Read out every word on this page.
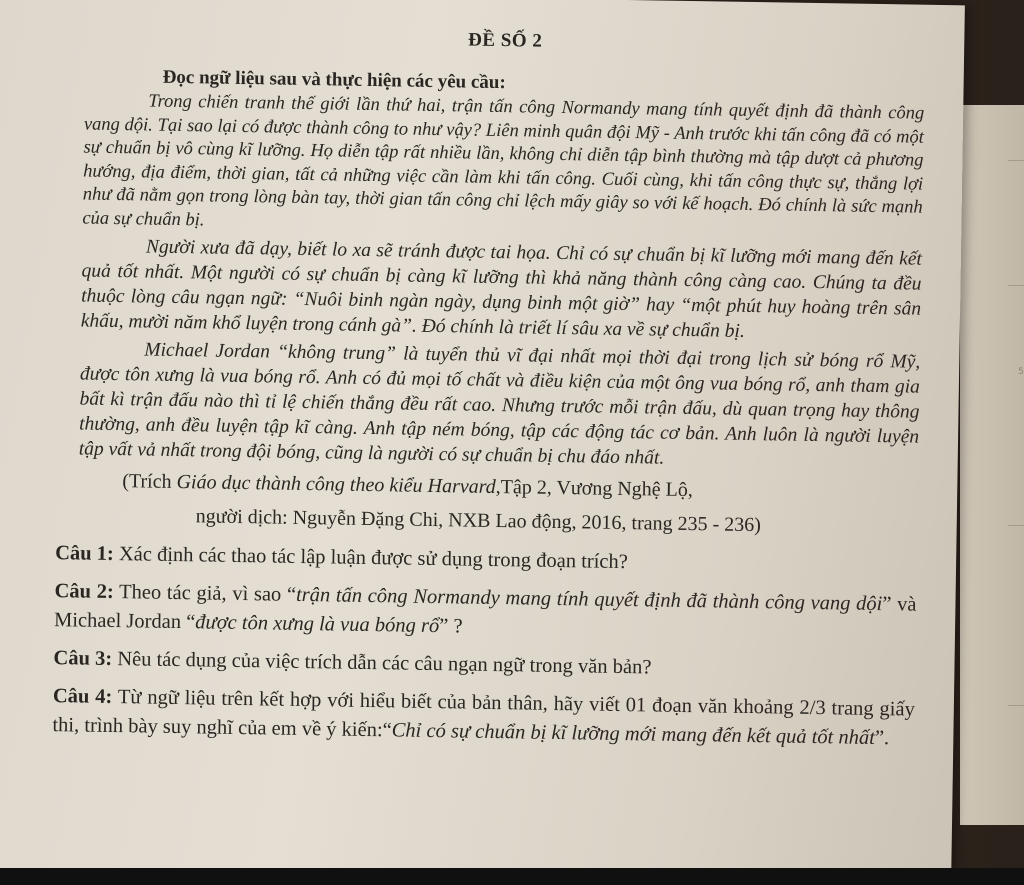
5
ĐỀ SỐ 2
Đọc ngữ liệu sau và thực hiện các yêu cầu:

Trong chiến tranh thế giới lần thứ hai, trận tấn công Normandy mang tính quyết định đã thành công vang dội. Tại sao lại có được thành công to như vậy? Liên minh quân đội Mỹ - Anh trước khi tấn công đã có một sự chuẩn bị vô cùng kĩ lưỡng. Họ diễn tập rất nhiều lần, không chỉ diễn tập bình thường mà tập dượt cả phương hướng, địa điểm, thời gian, tất cả những việc cần làm khi tấn công. Cuối cùng, khi tấn công thực sự, thắng lợi như đã nằm gọn trong lòng bàn tay, thời gian tấn công chỉ lệch mấy giây so với kế hoạch. Đó chính là sức mạnh của sự chuẩn bị.

Người xưa đã dạy, biết lo xa sẽ tránh được tai họa. Chỉ có sự chuẩn bị kĩ lưỡng mới mang đến kết quả tốt nhất. Một người có sự chuẩn bị càng kĩ lưỡng thì khả năng thành công càng cao. Chúng ta đều thuộc lòng câu ngạn ngữ: “Nuôi binh ngàn ngày, dụng binh một giờ” hay “một phút huy hoàng trên sân khấu, mười năm khổ luyện trong cánh gà”. Đó chính là triết lí sâu xa về sự chuẩn bị.

Michael Jordan “không trung” là tuyển thủ vĩ đại nhất mọi thời đại trong lịch sử bóng rổ Mỹ, được tôn xưng là vua bóng rổ. Anh có đủ mọi tố chất và điều kiện của một ông vua bóng rổ, anh tham gia bất kì trận đấu nào thì tỉ lệ chiến thắng đều rất cao. Nhưng trước mỗi trận đấu, dù quan trọng hay thông thường, anh đều luyện tập kĩ càng. Anh tập ném bóng, tập các động tác cơ bản. Anh luôn là người luyện tập vất vả nhất trong đội bóng, cũng là người có sự chuẩn bị chu đáo nhất.

(Trích Giáo dục thành công theo kiểu Harvard,Tập 2, Vương Nghệ Lộ,
người dịch: Nguyễn Đặng Chi, NXB Lao động, 2016, trang 235 - 236)
Câu 1: Xác định các thao tác lập luận được sử dụng trong đoạn trích?
Câu 2: Theo tác giả, vì sao “trận tấn công Normandy mang tính quyết định đã thành công vang dội” và Michael Jordan “được tôn xưng là vua bóng rổ” ?
Câu 3: Nêu tác dụng của việc trích dẫn các câu ngạn ngữ trong văn bản?
Câu 4: Từ ngữ liệu trên kết hợp với hiểu biết của bản thân, hãy viết 01 đoạn văn khoảng 2/3 trang giấy thi, trình bày suy nghĩ của em về ý kiến:“Chỉ có sự chuẩn bị kĩ lưỡng mới mang đến kết quả tốt nhất”.
